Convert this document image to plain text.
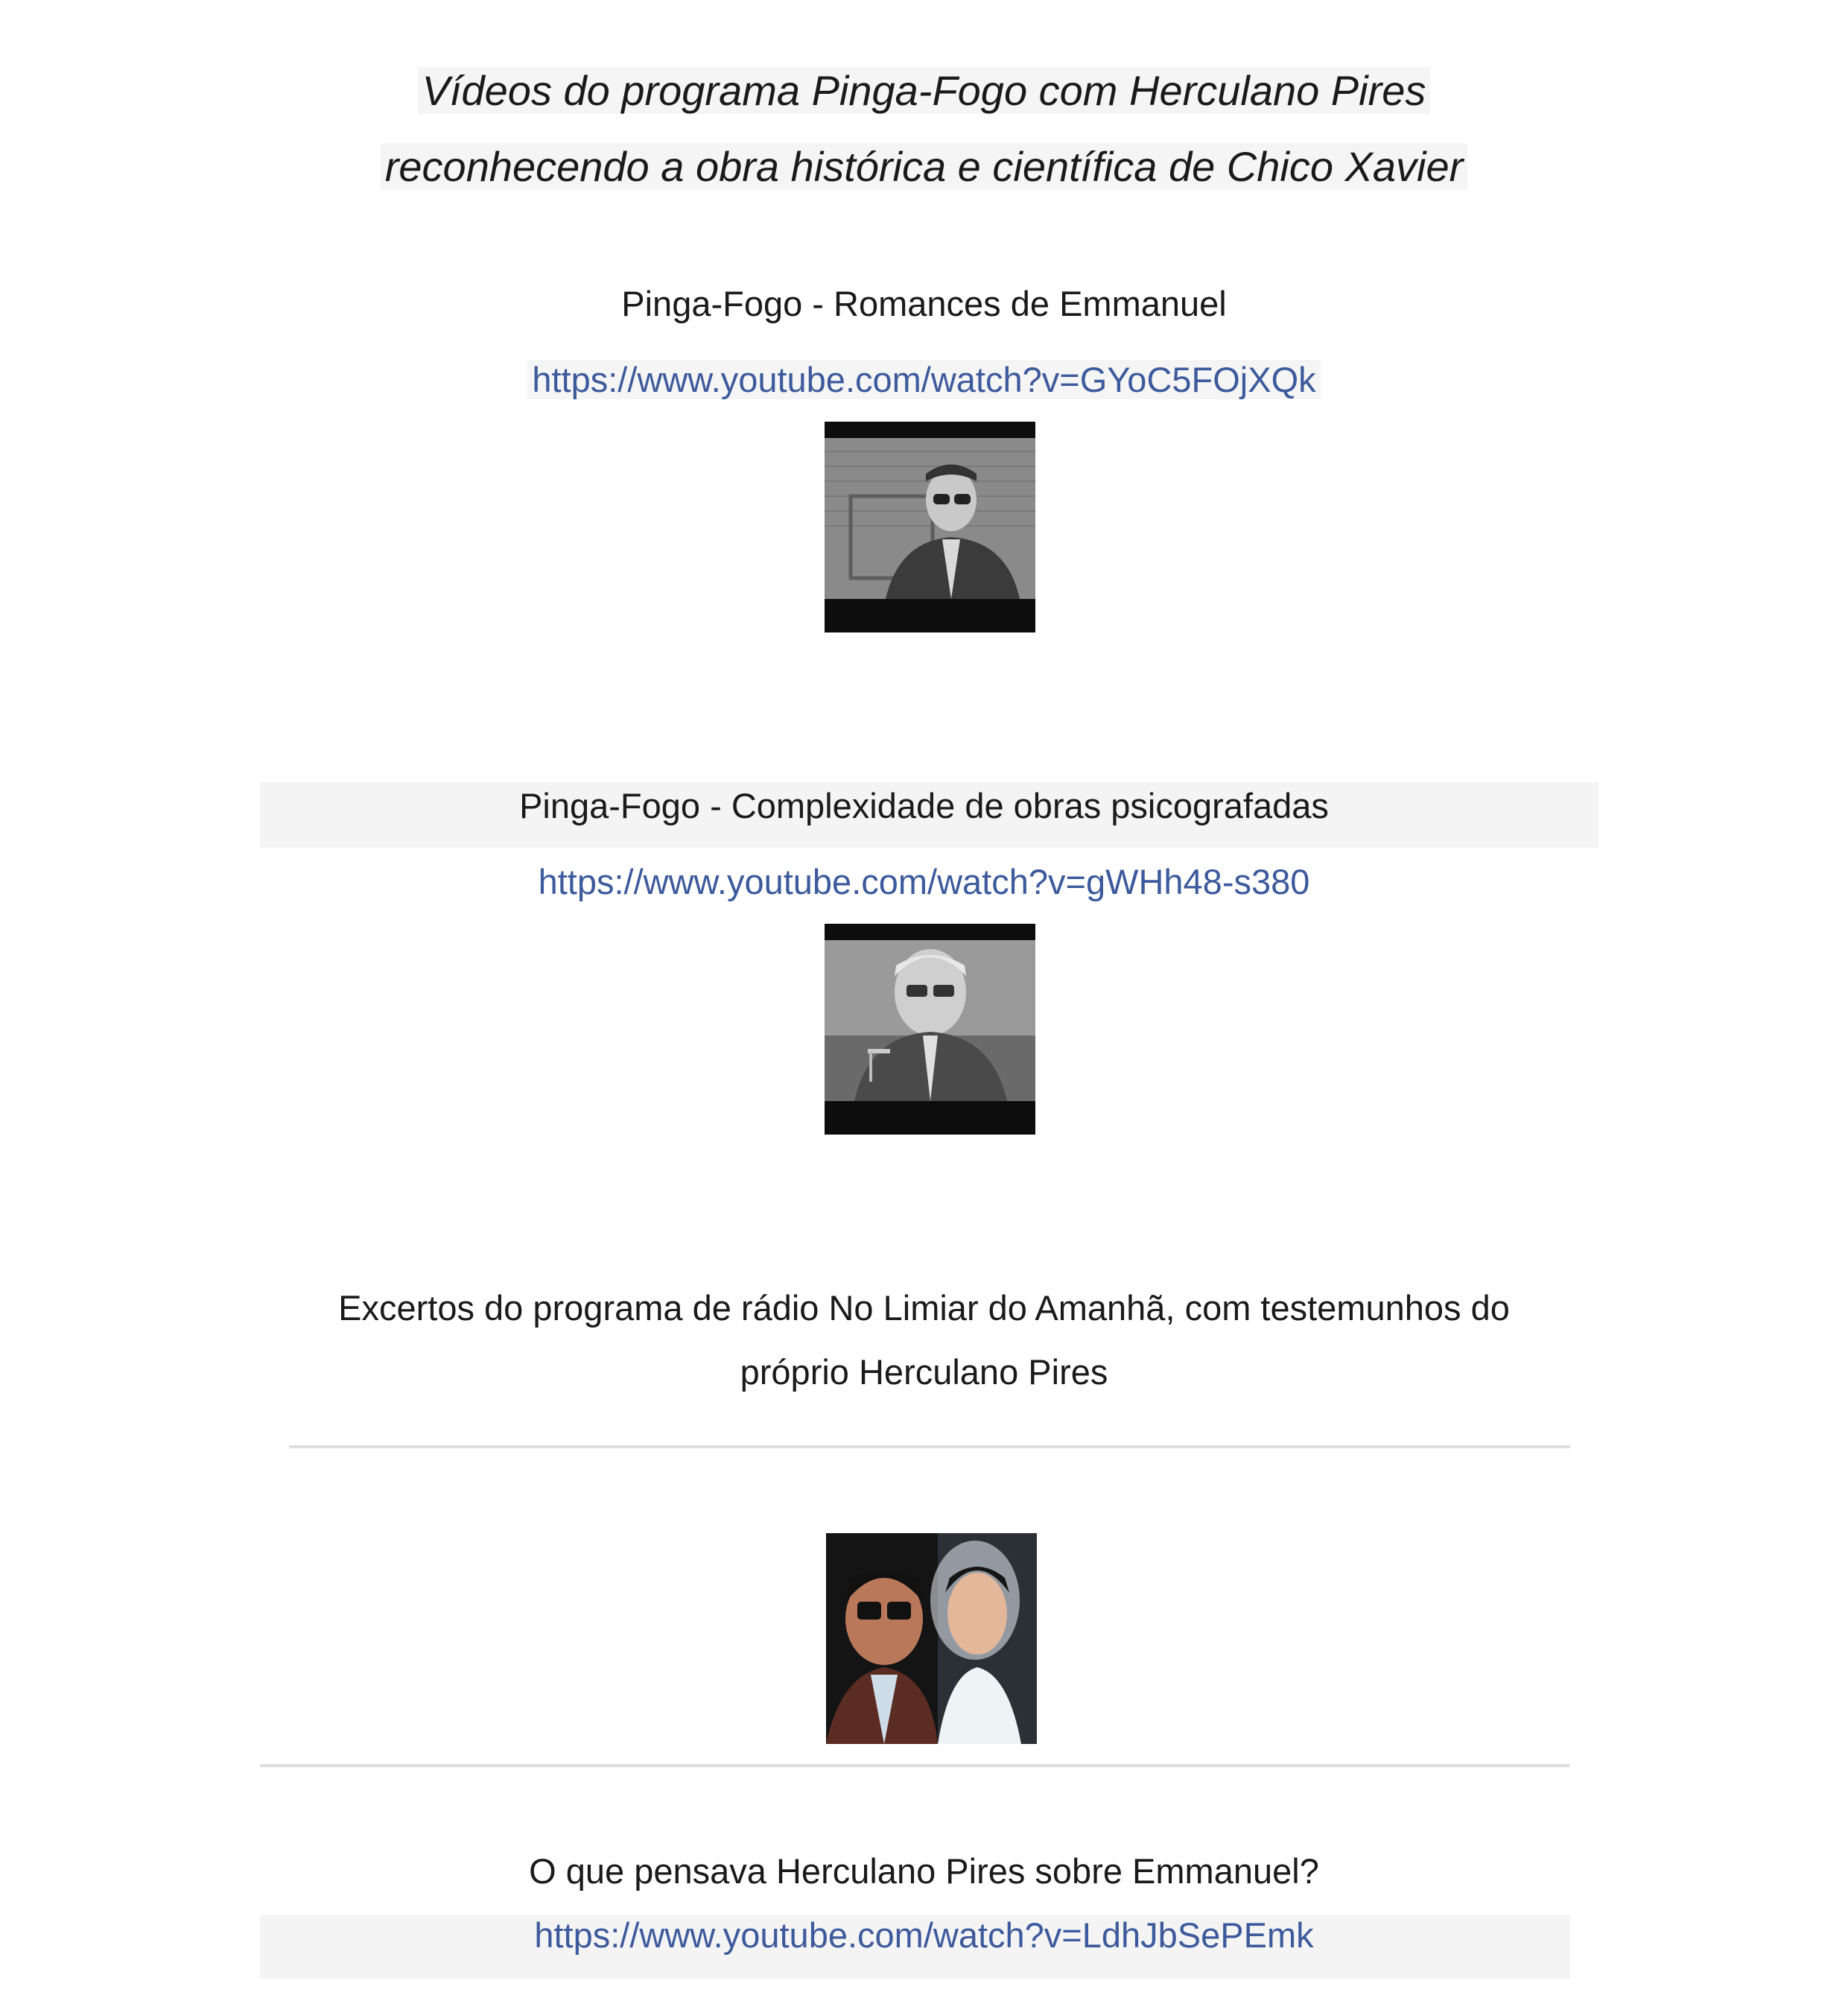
Vídeos do programa Pinga-Fogo com Herculano Pires
reconhecendo a obra histórica e científica de Chico Xavier
Pinga-Fogo - Romances de Emmanuel
https://www.youtube.com/watch?v=GYoC5FOjXQk
Pinga-Fogo - Complexidade de obras psicografadas
https://www.youtube.com/watch?v=gWHh48-s380
Excertos do programa de rádio No Limiar do Amanhã, com testemunhos do
próprio Herculano Pires
O que pensava Herculano Pires sobre Emmanuel?
https://www.youtube.com/watch?v=LdhJbSePEmk
